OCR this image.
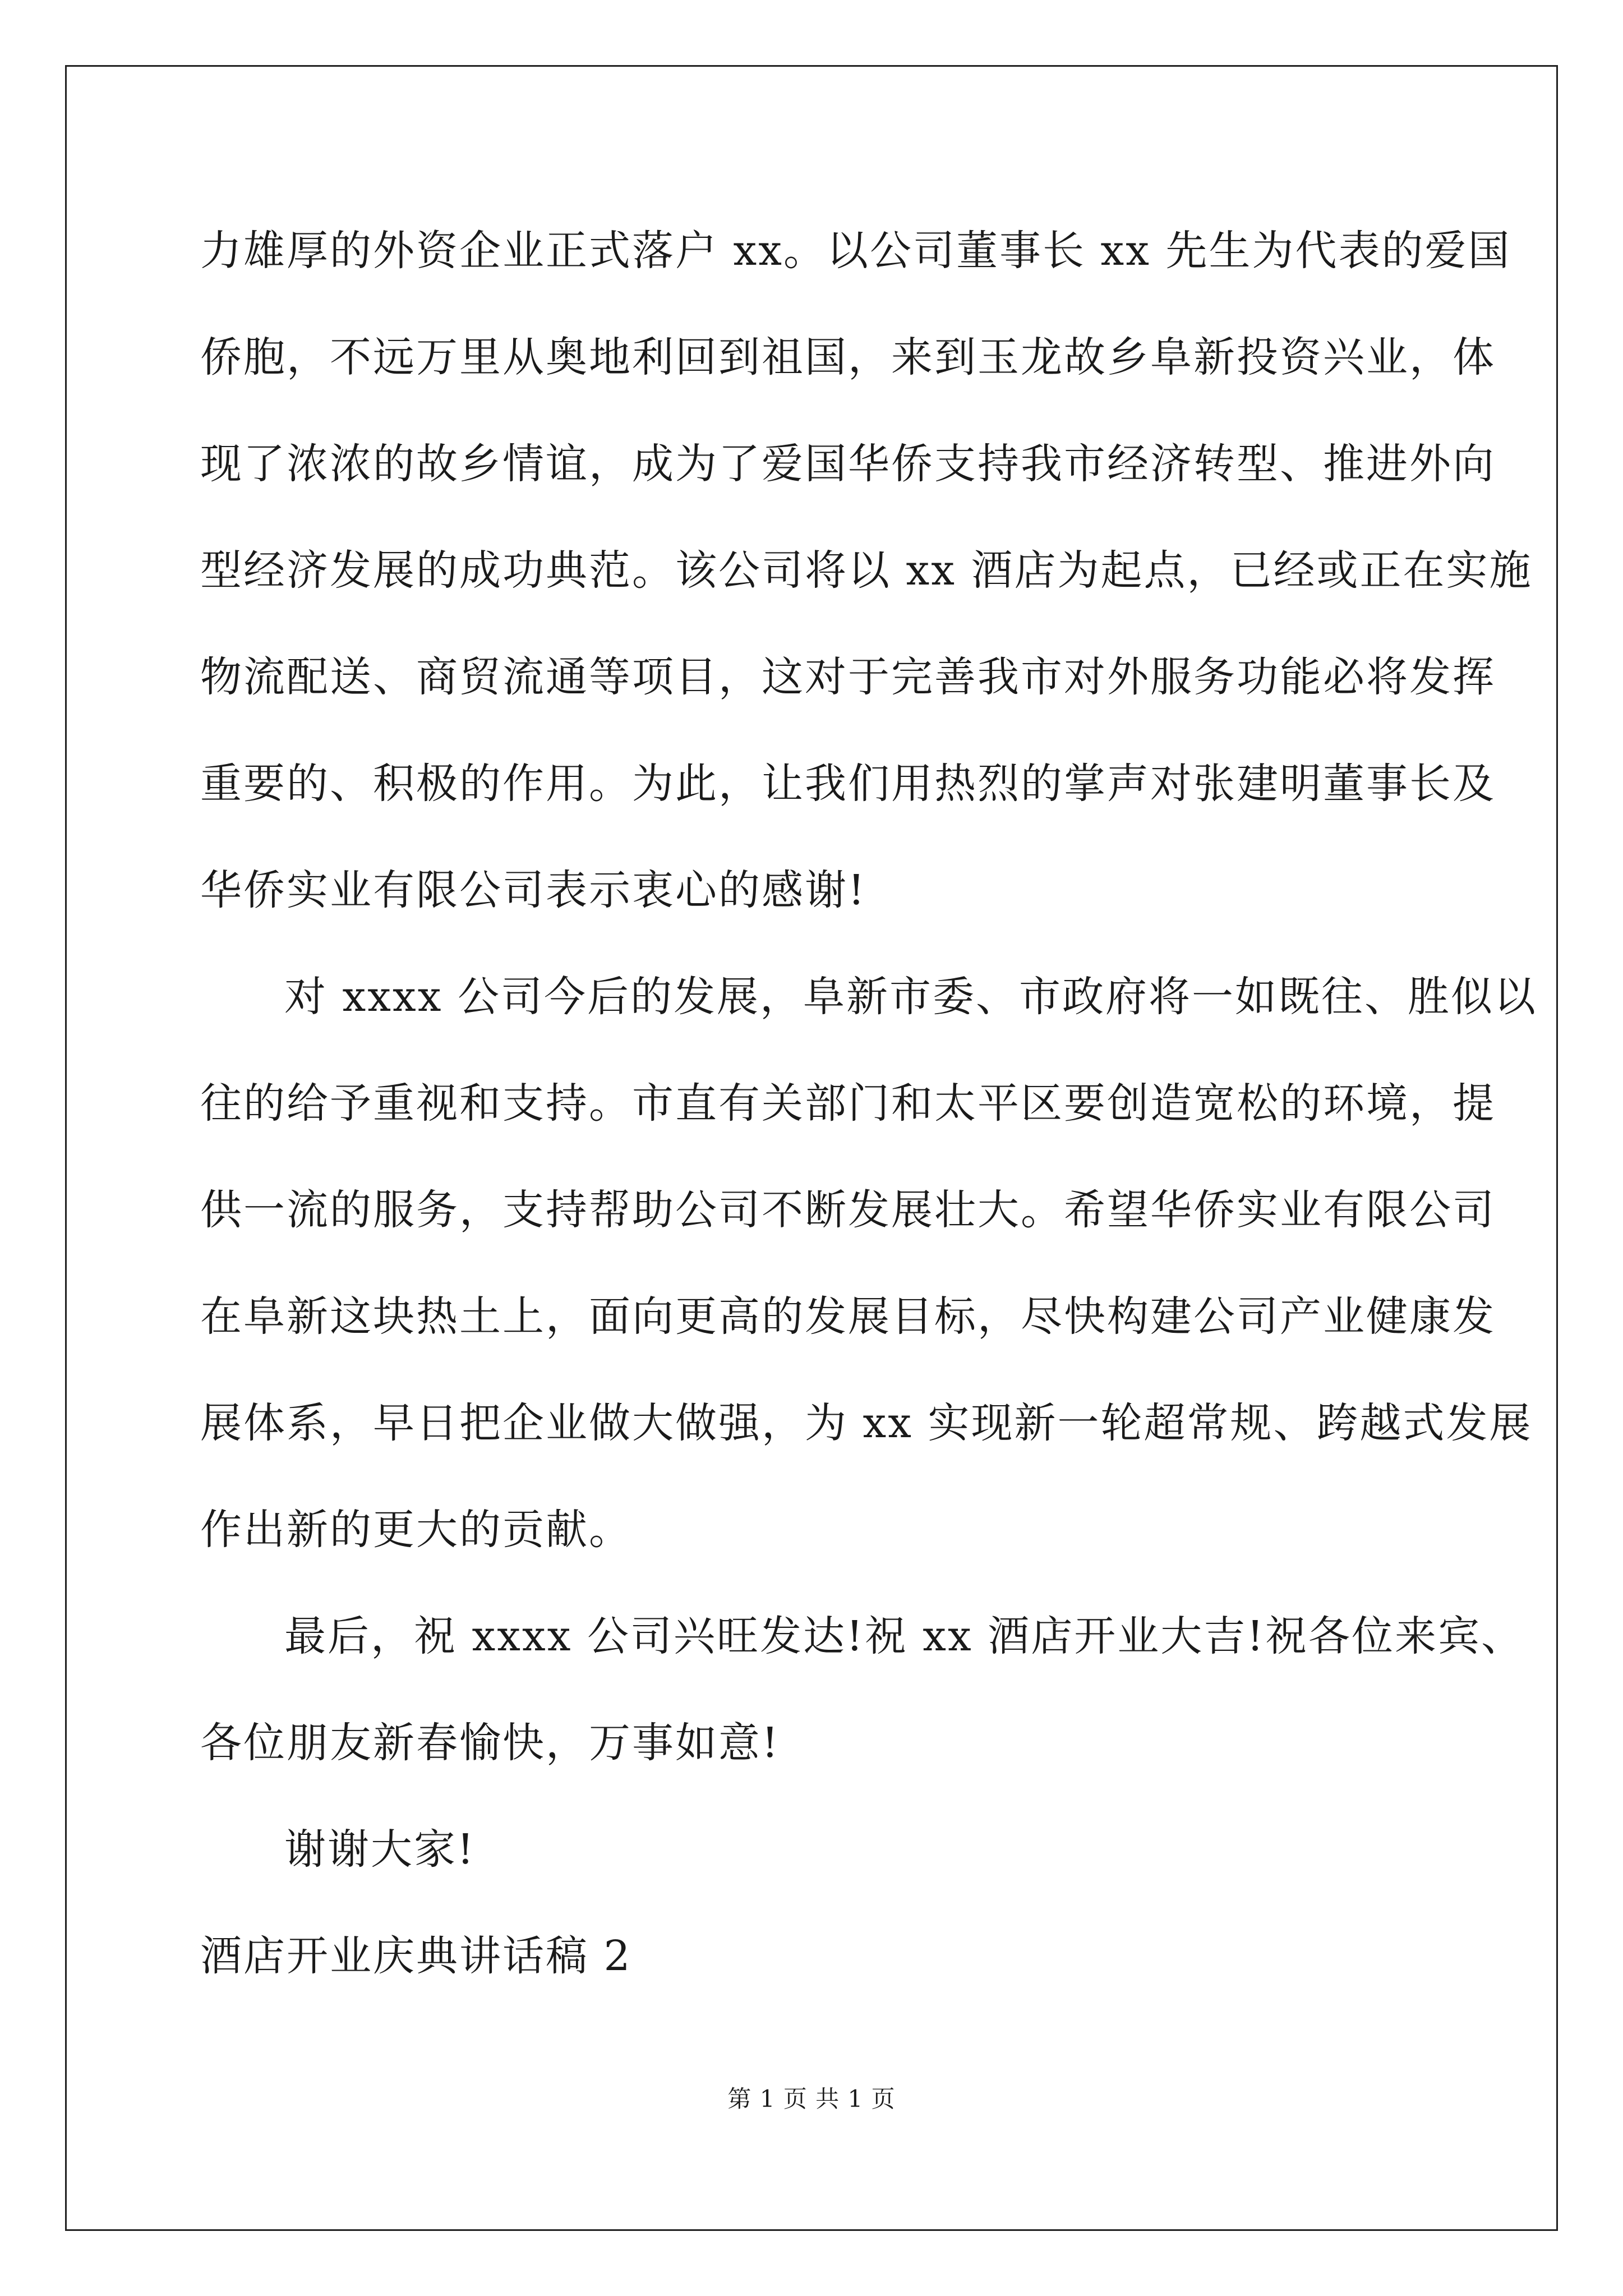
力雄厚的外资企业正式落户 xx。以公司董事长 xx 先生为代表的爱国
侨胞，不远万里从奥地利回到祖国，来到玉龙故乡阜新投资兴业，体
现了浓浓的故乡情谊，成为了爱国华侨支持我市经济转型、推进外向
型经济发展的成功典范。该公司将以 xx 酒店为起点，已经或正在实施
物流配送、商贸流通等项目，这对于完善我市对外服务功能必将发挥
重要的、积极的作用。为此，让我们用热烈的掌声对张建明董事长及
华侨实业有限公司表示衷心的感谢!
对 xxxx 公司今后的发展，阜新市委、市政府将一如既往、胜似以
往的给予重视和支持。市直有关部门和太平区要创造宽松的环境，提
供一流的服务，支持帮助公司不断发展壮大。希望华侨实业有限公司
在阜新这块热土上，面向更高的发展目标，尽快构建公司产业健康发
展体系，早日把企业做大做强，为 xx 实现新一轮超常规、跨越式发展
作出新的更大的贡献。
最后，祝 xxxx 公司兴旺发达!祝 xx 酒店开业大吉!祝各位来宾、
各位朋友新春愉快，万事如意!
谢谢大家!
酒店开业庆典讲话稿 2
第 1 页 共 1 页
